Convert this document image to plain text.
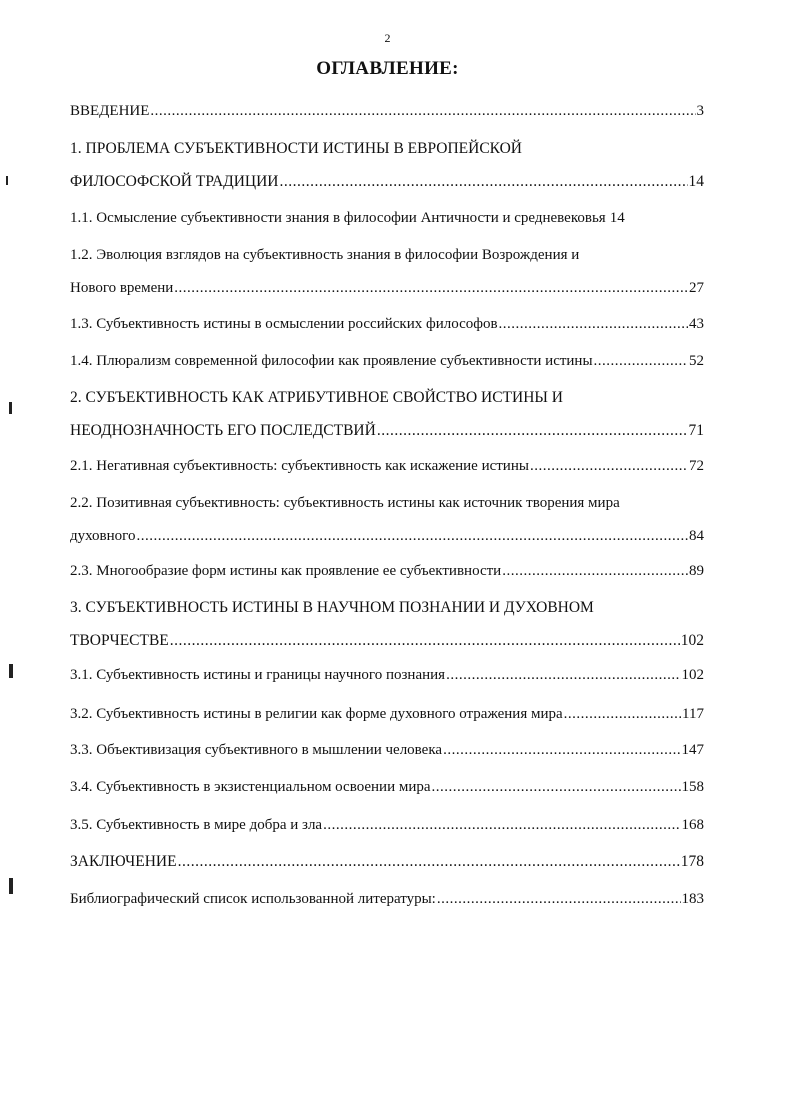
2
ОГЛАВЛЕНИЕ:
ВВЕДЕНИЕ .....	3
1. ПРОБЛЕМА СУБЪЕКТИВНОСТИ ИСТИНЫ В ЕВРОПЕЙСКОЙ
ФИЛОСОФСКОЙ ТРАДИЦИИ .....	14
1.1. Осмысление субъективности знания в философии Античности и средневековья 14
1.2. Эволюция взглядов на субъективность знания в философии Возрождения и
Нового времени .....	27
1.3. Субъективность истины в осмыслении российских философов .....	43
1.4. Плюрализм современной философии как проявление субъективности истины .....	52
2. СУБЪЕКТИВНОСТЬ КАК АТРИБУТИВНОЕ СВОЙСТВО ИСТИНЫ И
НЕОДНОЗНАЧНОСТЬ ЕГО ПОСЛЕДСТВИЙ .....	71
2.1. Негативная субъективность: субъективность как искажение истины .....	72
2.2. Позитивная субъективность: субъективность истины как источник творения мира
духовного .....	84
2.3. Многообразие форм истины как проявление ее субъективности .....	89
3. СУБЪЕКТИВНОСТЬ ИСТИНЫ В НАУЧНОМ ПОЗНАНИИ И ДУХОВНОМ
ТВОРЧЕСТВЕ .....	102
3.1. Субъективность истины и границы научного познания .....	102
3.2. Субъективность истины в религии как форме духовного отражения мира .....	117
3.3. Объективизация субъективного в мышлении человека .....	147
3.4. Субъективность в экзистенциальном освоении мира .....	158
3.5. Субъективность в мире добра и зла .....	168
ЗАКЛЮЧЕНИЕ .....	178
Библиографический список использованной литературы: .....	183
